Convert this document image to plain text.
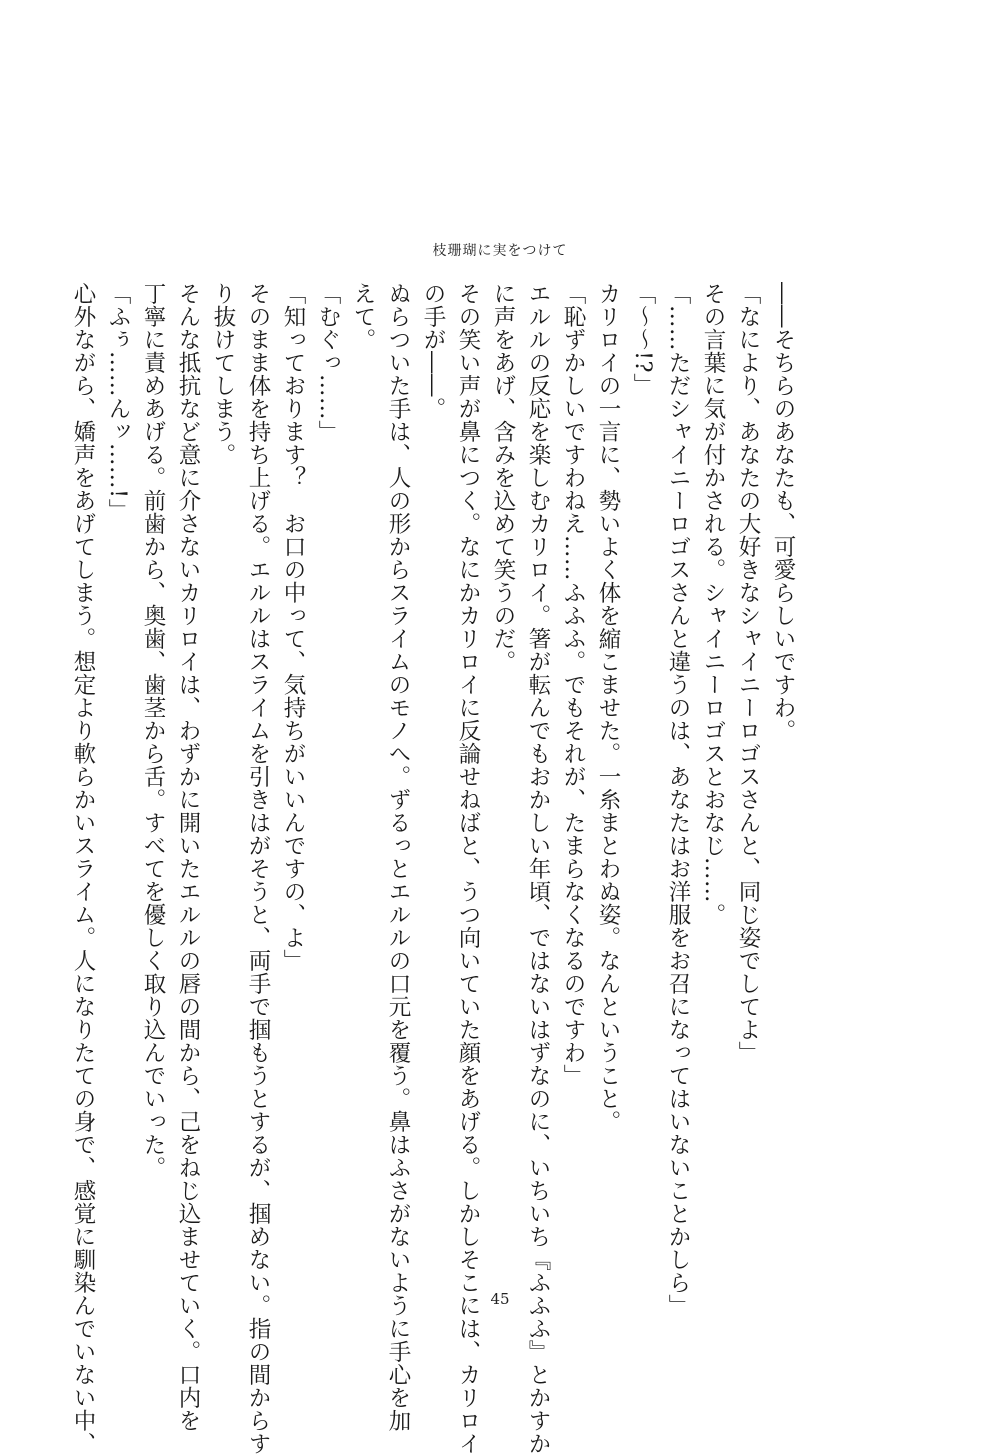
枝珊瑚に実をつけて
――そちらのあなたも、可愛らしいですわ。
「なにより、あなたの大好きなシャイニーロゴスさんと、同じ姿でしてよ」
その言葉に気が付かされる。シャイニーロゴスとおなじ……。
「……ただシャイニーロゴスさんと違うのは、あなたはお洋服をお召になってはいないことかしら」
「～～!?」
カリロイの一言に、勢いよく体を縮こませた。一糸まとわぬ姿。なんということ。
「恥ずかしいですわねえ……ふふふ。でもそれが、たまらなくなるのですわ」
エルルの反応を楽しむカリロイ。箸が転んでもおかしい年頃、ではないはずなのに、いちいち『ふふふ』とかすか
に声をあげ、含みを込めて笑うのだ。
その笑い声が鼻につく。なにかカリロイに反論せねばと、うつ向いていた顔をあげる。しかしそこには、カリロイ
の手が――。
ぬらついた手は、人の形からスライムのモノへ。ずるっとエルルの口元を覆う。鼻はふさがないように手心を加
えて。
「むぐっ……」
「知っております？　お口の中って、気持ちがいいんですの、よ」
そのまま体を持ち上げる。エルルはスライムを引きはがそうと、両手で掴もうとするが、掴めない。指の間からす
り抜けてしまう。
そんな抵抗など意に介さないカリロイは、わずかに開いたエルルの唇の間から、己をねじ込ませていく。口内を
丁寧に責めあげる。前歯から、奥歯、歯茎から舌。すべてを優しく取り込んでいった。
「ふぅ……んッ……!」
心外ながら、嬌声をあげてしまう。想定より軟らかいスライム。人になりたての身で、感覚に馴染んでいない中、	45
